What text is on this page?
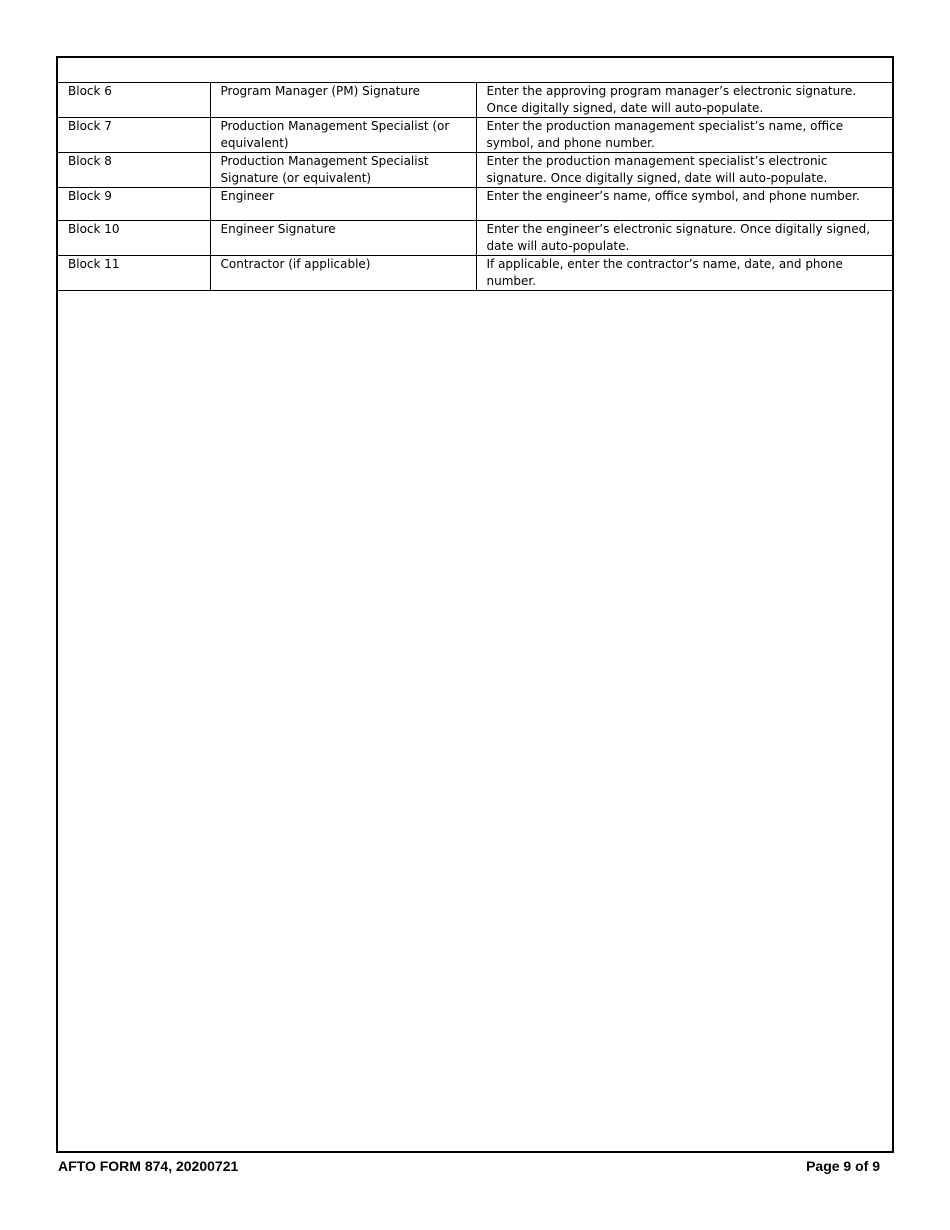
Block 6	Program Manager (PM) Signature	Enter the approving program manager’s electronic signature. Once digitally signed, date will auto-populate.
Block 7	Production Management Specialist (or equivalent)	Enter the production management specialist’s name, office symbol, and phone number.
Block 8	Production Management Specialist Signature (or equivalent)	Enter the production management specialist’s electronic signature. Once digitally signed, date will auto-populate.
Block 9	Engineer	Enter the engineer’s name, office symbol, and phone number.
Block 10	Engineer Signature	Enter the engineer’s electronic signature. Once digitally signed, date will auto-populate.
Block 11	Contractor (if applicable)	If applicable, enter the contractor’s name, date, and phone number.
AFTO FORM 874, 20200721	Page 9 of 9
